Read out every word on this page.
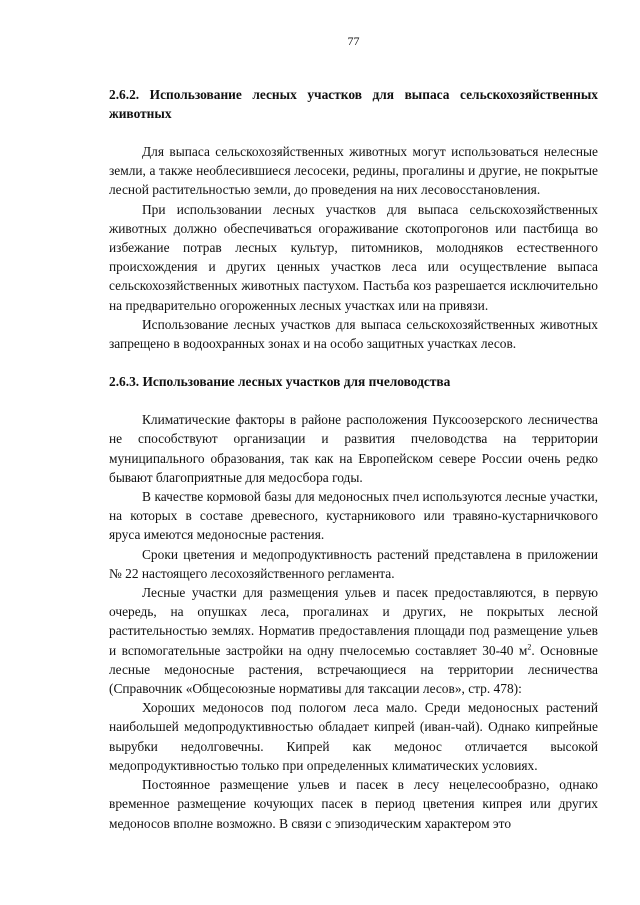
77

2.6.2. Использование лесных участков для выпаса сельскохозяйственных животных

Для выпаса сельскохозяйственных животных могут использоваться нелесные земли, а также необлесившиеся лесосеки, редины, прогалины и другие, не покрытые лесной растительностью земли, до проведения на них лесовосстановления.

При использовании лесных участков для выпаса сельскохозяйственных животных должно обеспечиваться огораживание скотопрогонов или пастбища во избежание потрав лесных культур, питомников, молодняков естественного происхождения и других ценных участков леса или осуществление выпаса сельскохозяйственных животных пастухом. Пастьба коз разрешается исключительно на предварительно огороженных лесных участках или на привязи.

Использование лесных участков для выпаса сельскохозяйственных животных запрещено в водоохранных зонах и на особо защитных участках лесов.

2.6.3. Использование лесных участков для пчеловодства

Климатические факторы в районе расположения Пуксоозерского лесничества не способствуют организации и развития пчеловодства на территории муниципального образования, так как на Европейском севере России очень редко бывают благоприятные для медосбора годы.

В качестве кормовой базы для медоносных пчел используются лесные участки, на которых в составе древесного, кустарникового или травяно-кустарничкового яруса имеются медоносные растения.

Сроки цветения и медопродуктивность растений представлена в приложении № 22 настоящего лесохозяйственного регламента.

Лесные участки для размещения ульев и пасек предоставляются, в первую очередь, на опушках леса, прогалинах и других, не покрытых лесной растительностью землях. Норматив предоставления площади под размещение ульев и вспомогательные застройки на одну пчелосемью составляет 30-40 $м^2$. Основные лесные медоносные растения, встречающиеся на территории лесничества (Справочник «Общесоюзные нормативы для таксации лесов», стр. 478):

Хороших медоносов под пологом леса мало. Среди медоносных растений наибольшей медопродуктивностью обладает кипрей (иван-чай). Однако кипрейные вырубки недолговечны. Кипрей как медонос отличается высокой медопродуктивностью только при определенных климатических условиях.

Постоянное размещение ульев и пасек в лесу нецелесообразно, однако временное размещение кочующих пасек в период цветения кипрея или других медоносов вполне возможно. В связи с эпизодическим характером это
